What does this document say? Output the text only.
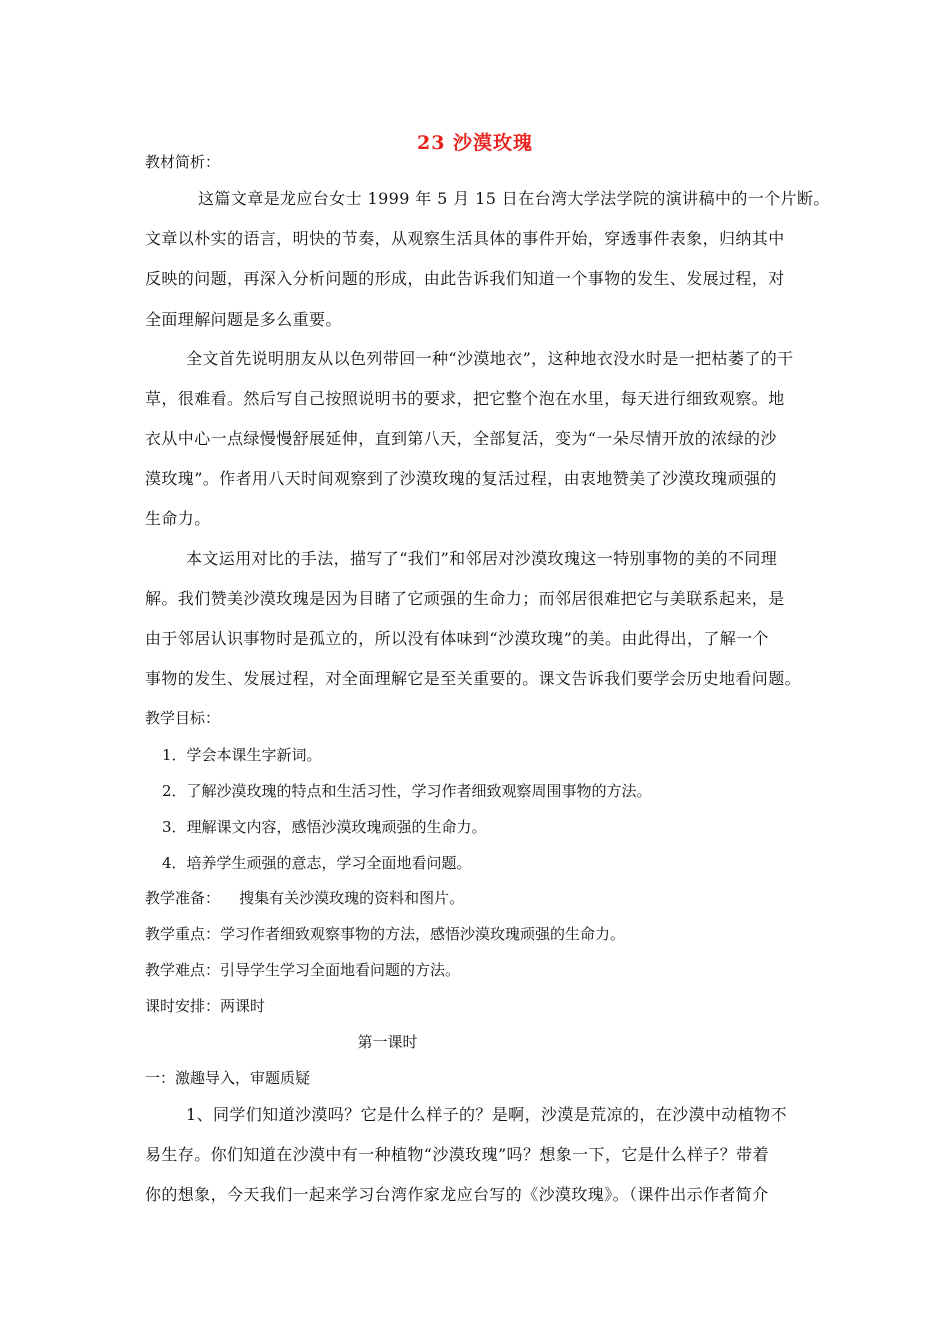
23 沙漠玫瑰
教材简析：
这篇文章是龙应台女士 1999 年 5 月 15 日在台湾大学法学院的演讲稿中的一个片断。
文章以朴实的语言，明快的节奏，从观察生活具体的事件开始，穿透事件表象，归纳其中
反映的问题，再深入分析问题的形成，由此告诉我们知道一个事物的发生、发展过程，对
全面理解问题是多么重要。
全文首先说明朋友从以色列带回一种“沙漠地衣”，这种地衣没水时是一把枯萎了的干
草，很难看。然后写自己按照说明书的要求，把它整个泡在水里，每天进行细致观察。地
衣从中心一点绿慢慢舒展延伸，直到第八天，全部复活，变为“一朵尽情开放的浓绿的沙
漠玫瑰”。作者用八天时间观察到了沙漠玫瑰的复活过程，由衷地赞美了沙漠玫瑰顽强的
生命力。
本文运用对比的手法，描写了“我们”和邻居对沙漠玫瑰这一特别事物的美的不同理
解。我们赞美沙漠玫瑰是因为目睹了它顽强的生命力；而邻居很难把它与美联系起来，是
由于邻居认识事物时是孤立的，所以没有体味到“沙漠玫瑰”的美。由此得出，了解一个
事物的发生、发展过程，对全面理解它是至关重要的。课文告诉我们要学会历史地看问题。
教学目标：
1．学会本课生字新词。
2．了解沙漠玫瑰的特点和生活习性，学习作者细致观察周围事物的方法。
3．理解课文内容，感悟沙漠玫瑰顽强的生命力。
4．培养学生顽强的意志，学习全面地看问题。
教学准备：    搜集有关沙漠玫瑰的资料和图片。
教学重点：学习作者细致观察事物的方法，感悟沙漠玫瑰顽强的生命力。
教学难点：引导学生学习全面地看问题的方法。
课时安排：两课时
第一课时
一：激趣导入，审题质疑
1、同学们知道沙漠吗？它是什么样子的？是啊，沙漠是荒凉的，在沙漠中动植物不
易生存。你们知道在沙漠中有一种植物“沙漠玫瑰”吗？想象一下，它是什么样子？带着
你的想象，今天我们一起来学习台湾作家龙应台写的《沙漠玫瑰》。（课件出示作者简介
